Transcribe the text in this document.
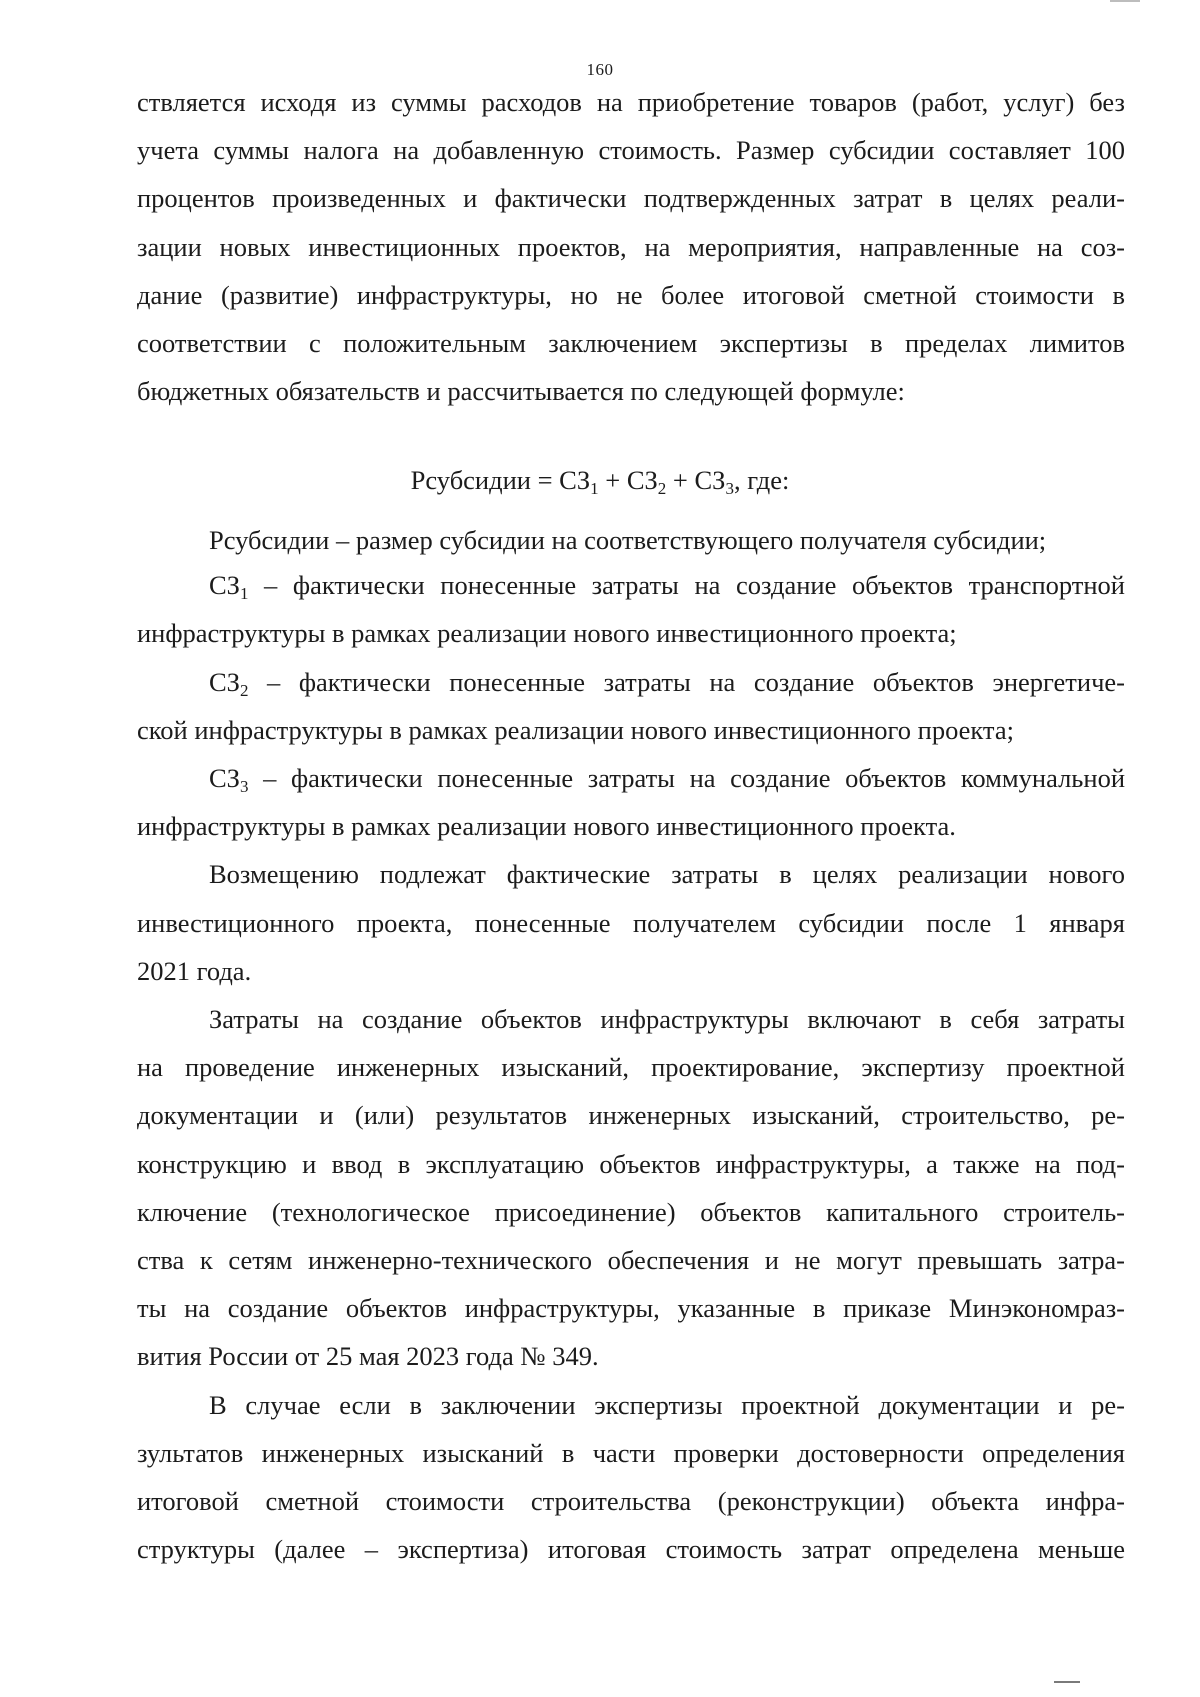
160
ствляется исходя из суммы расходов на приобретение товаров (работ, услуг) без
учета суммы налога на добавленную стоимость. Размер субсидии составляет 100
процентов произведенных и фактически подтвержденных затрат в целях реали-
зации новых инвестиционных проектов, на мероприятия, направленные на соз-
дание (развитие) инфраструктуры, но не более итоговой сметной стоимости в
соответствии с положительным заключением экспертизы в пределах лимитов
бюджетных обязательств и рассчитывается по следующей формуле:
Рсубсидии = $СЗ_1 + СЗ_2 + СЗ_3$, где:
Рсубсидии – размер субсидии на соответствующего получателя субсидии;
$СЗ_1$ – фактически понесенные затраты на создание объектов транспортной
инфраструктуры в рамках реализации нового инвестиционного проекта;
$СЗ_2$ – фактически понесенные затраты на создание объектов энергетиче-
ской инфраструктуры в рамках реализации нового инвестиционного проекта;
$СЗ_3$ – фактически понесенные затраты на создание объектов коммунальной
инфраструктуры в рамках реализации нового инвестиционного проекта.
Возмещению подлежат фактические затраты в целях реализации нового
инвестиционного проекта, понесенные получателем субсидии после 1 января
2021 года.
Затраты на создание объектов инфраструктуры включают в себя затраты
на проведение инженерных изысканий, проектирование, экспертизу проектной
документации и (или) результатов инженерных изысканий, строительство, ре-
конструкцию и ввод в эксплуатацию объектов инфраструктуры, а также на под-
ключение (технологическое присоединение) объектов капитального строитель-
ства к сетям инженерно-технического обеспечения и не могут превышать затра-
ты на создание объектов инфраструктуры, указанные в приказе Минэкономраз-
вития России от 25 мая 2023 года № 349.
В случае если в заключении экспертизы проектной документации и ре-
зультатов инженерных изысканий в части проверки достоверности определения
итоговой сметной стоимости строительства (реконструкции) объекта инфра-
структуры (далее – экспертиза) итоговая стоимость затрат определена меньше
